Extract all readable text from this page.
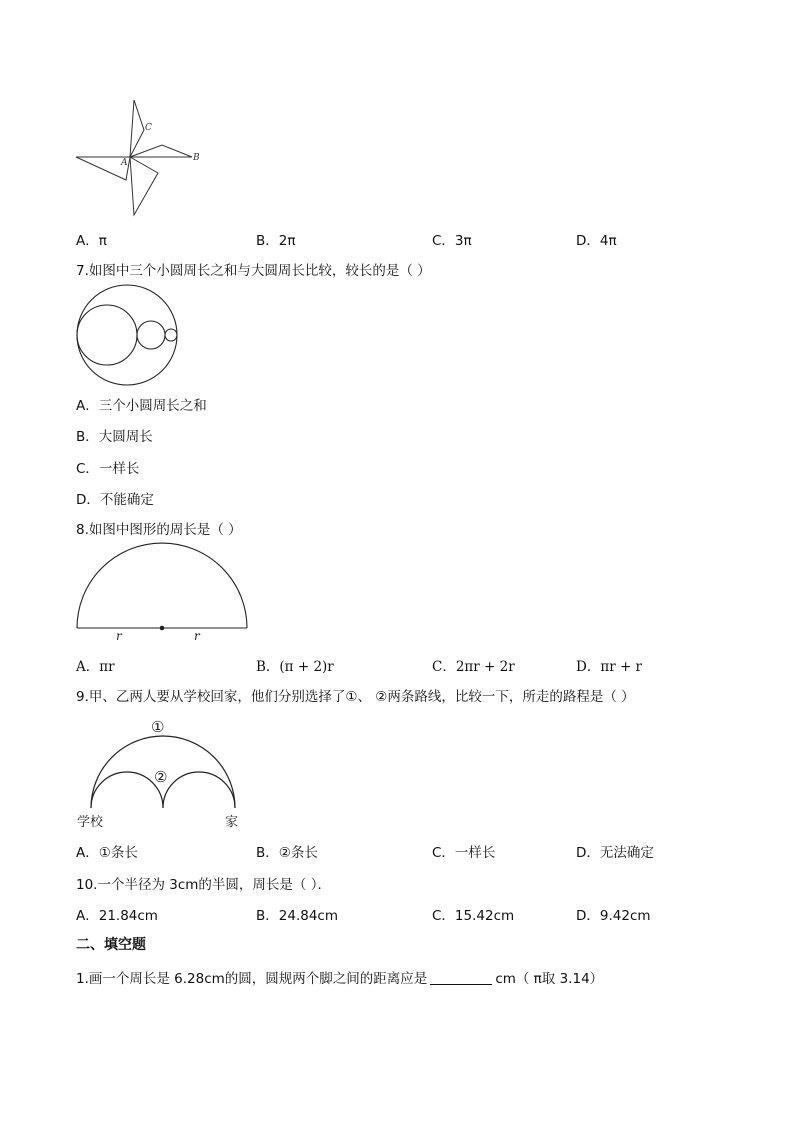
A	B
C
A．π	B．2π	C．3π	D．4π
7.如图中三个小圆周长之和与大圆周长比较，较长的是（ ）
A．三个小圆周长之和
B．大圆周长
C．一样长
D．不能确定
8.如图中图形的周长是（ ）
r	r
A．πr	B．(π + 2)r	C．2πr + 2r	D．πr + r
9.甲、乙两人要从学校回家，他们分别选择了①、 ②两条路线，比较一下，所走的路程是（ ）
①
②
学校	家
A．①条长	B．②条长	C．一样长	D．无法确定
10.一个半径为 3cm的半圆，周长是（ ）．
A．21.84cm	B．24.84cm	C．15.42cm	D．9.42cm
二、填空题
1.画一个周长是 6.28cm的圆，圆规两个脚之间的距离应是	cm（ π取 3.14）
